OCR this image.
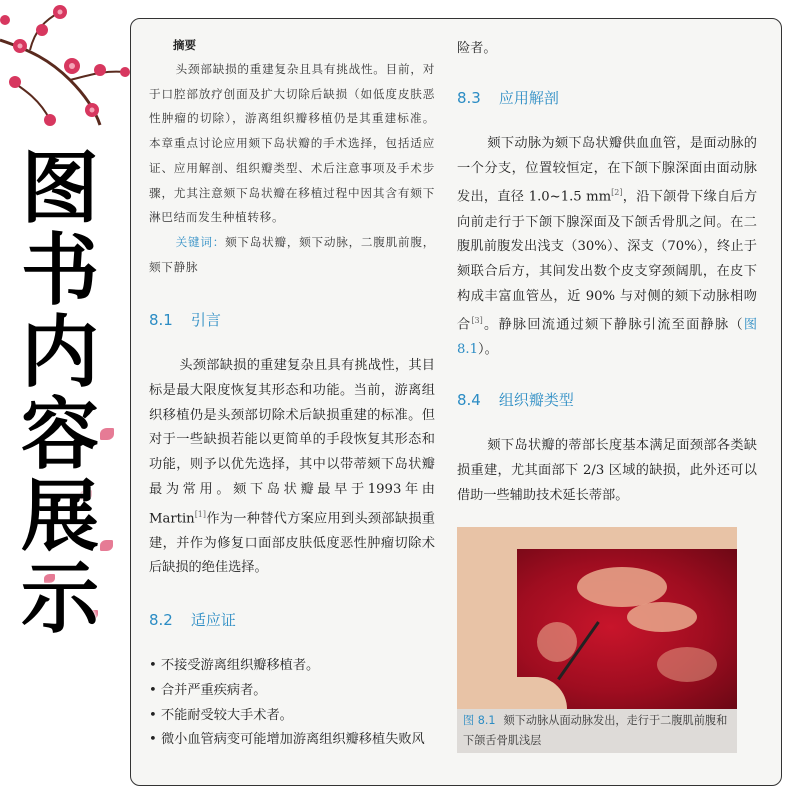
图
书
内
容
展
示
摘要

头颈部缺损的重建复杂且具有挑战性。目前，对于口腔部放疗创面及扩大切除后缺损（如低度皮肤恶性肿瘤的切除），游离组织瓣移植仍是其重建标准。本章重点讨论应用颏下岛状瓣的手术选择，包括适应证、应用解剖、组织瓣类型、术后注意事项及手术步骤，尤其注意颏下岛状瓣在移植过程中因其含有颏下淋巴结而发生种植转移。

关键词：颏下岛状瓣，颏下动脉，二腹肌前腹，颏下静脉

8.1 引言

头颈部缺损的重建复杂且具有挑战性，其目标是最大限度恢复其形态和功能。当前，游离组织移植仍是头颈部切除术后缺损重建的标准。但对于一些缺损若能以更简单的手段恢复其形态和功能，则予以优先选择，其中以带蒂颏下岛状瓣最为常用。颏下岛状瓣最早于1993年由 Martin[1]作为一种替代方案应用到头颈部缺损重建，并作为修复口面部皮肤低度恶性肿瘤切除术后缺损的绝佳选择。

8.2 适应证
• 不接受游离组织瓣移植者。
• 合并严重疾病者。
• 不能耐受较大手术者。
• 微小血管病变可能增加游离组织瓣移植失败风
险者。
8.3 应用解剖

颏下动脉为颏下岛状瓣供血血管，是面动脉的一个分支，位置较恒定，在下颌下腺深面由面动脉发出，直径 1.0~1.5 mm[2]，沿下颌骨下缘自后方向前走行于下颌下腺深面及下颌舌骨肌之间。在二腹肌前腹发出浅支（30%）、深支（70%），终止于颏联合后方，其间发出数个皮支穿颈阔肌，在皮下构成丰富血管丛，近 90% 与对侧的颏下动脉相吻合[3]。静脉回流通过颏下静脉引流至面静脉（图 8.1）。

8.4 组织瓣类型

颏下岛状瓣的蒂部长度基本满足面颈部各类缺损重建，尤其面部下 2/3 区域的缺损，此外还可以借助一些辅助技术延长蒂部。

图 8.1 颏下动脉从面动脉发出，走行于二腹肌前腹和下颌舌骨肌浅层
